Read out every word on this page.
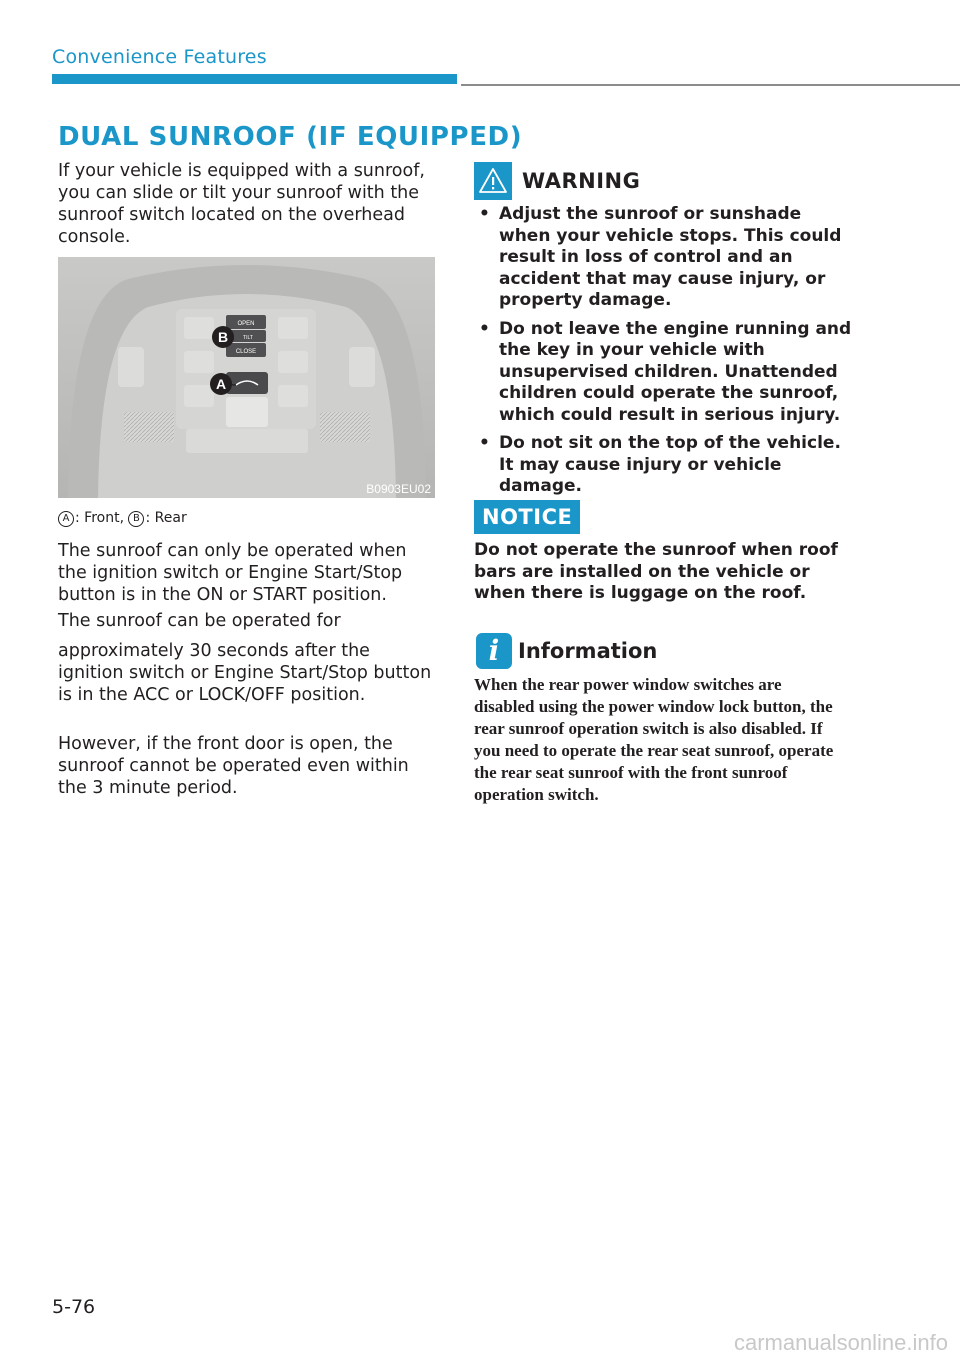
Convenience Features
DUAL SUNROOF (IF EQUIPPED)

If your vehicle is equipped with a sunroof, you can slide or tilt your sunroof with the sunroof switch located on the overhead console.

OPEN
TILT
CLOSE
B
A
B0903EU02
A : Front, B : Rear

The sunroof can only be operated when the ignition switch or Engine Start/Stop button is in the ON or START position.

The sunroof can be operated for

approximately 30 seconds after the ignition switch or Engine Start/Stop button is in the ACC or LOCK/OFF position.

However, if the front door is open, the sunroof cannot be operated even within the 3 minute period.

WARNING
• Adjust the sunroof or sunshade when your vehicle stops. This could result in loss of control and an accident that may cause injury, or property damage.
• Do not leave the engine running and the key in your vehicle with unsupervised children. Unattended children could operate the sunroof, which could result in serious injury.
• Do not sit on the top of the vehicle. It may cause injury or vehicle damage.
NOTICE

Do not operate the sunroof when roof bars are installed on the vehicle or when there is luggage on the roof.

i Information

When the rear power window switches are disabled using the power window lock button, the rear sunroof operation switch is also disabled. If you need to operate the rear seat sunroof, operate the rear seat sunroof with the front sunroof operation switch.

5-76
carmanualsonline.info
